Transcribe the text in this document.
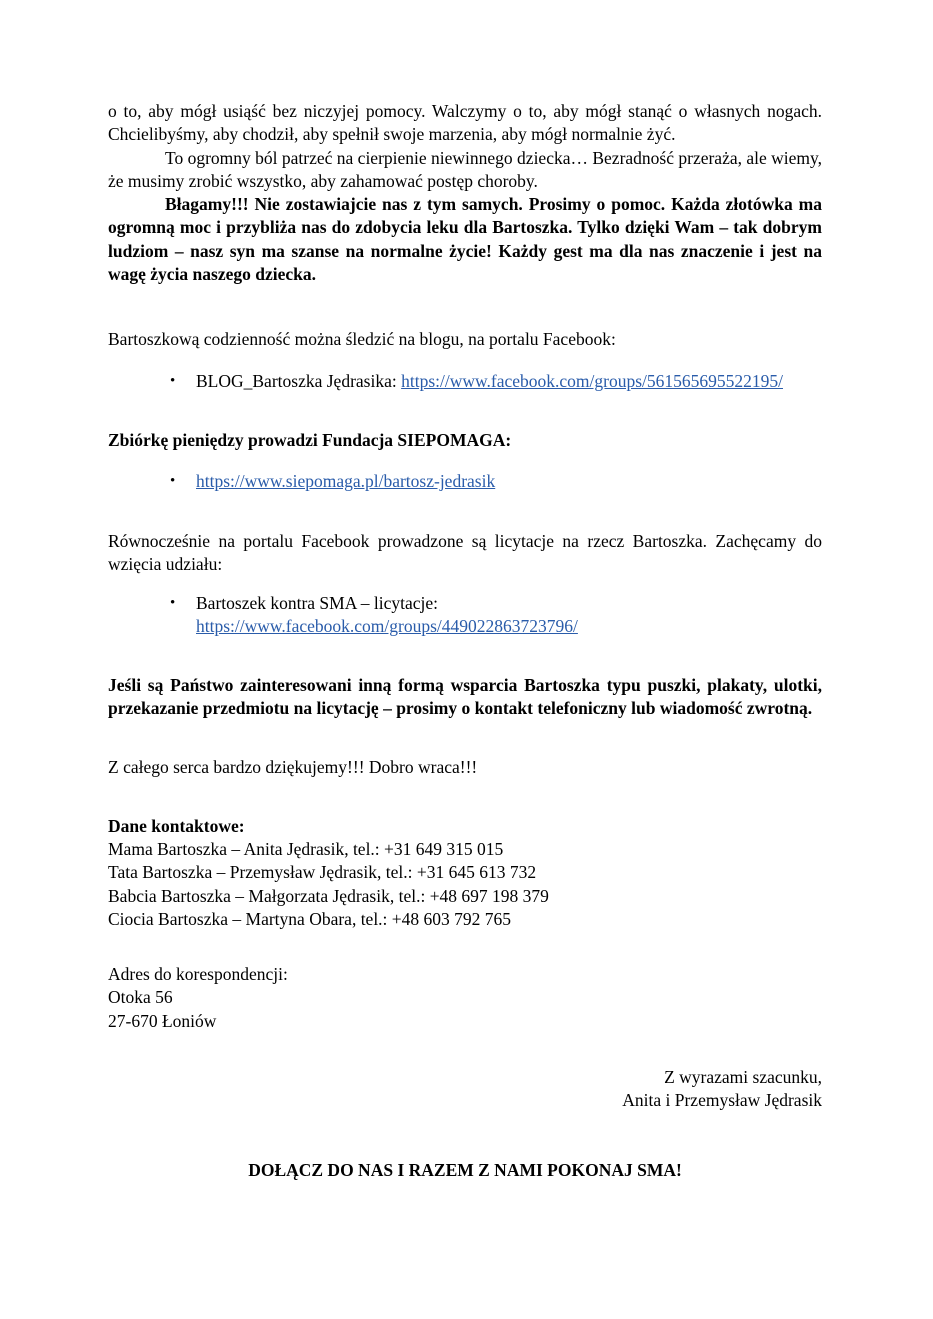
o to, aby mógł usiąść bez niczyjej pomocy. Walczymy o to, aby mógł stanąć o własnych nogach. Chcielibyśmy, aby chodził, aby spełnił swoje marzenia, aby mógł normalnie żyć.

To ogromny ból patrzeć na cierpienie niewinnego dziecka… Bezradność przeraża, ale wiemy, że musimy zrobić wszystko, aby zahamować postęp choroby.

Błagamy!!! Nie zostawiajcie nas z tym samych. Prosimy o pomoc. Każda złotówka ma ogromną moc i przybliża nas do zdobycia leku dla Bartoszka. Tylko dzięki Wam – tak dobrym ludziom – nasz syn ma szanse na normalne życie! Każdy gest ma dla nas znaczenie i jest na wagę życia naszego dziecka.

Bartoszkową codzienność można śledzić na blogu, na portalu Facebook:

•	BLOG_Bartoszka Jędrasika: https://www.facebook.com/groups/561565695522195/

Zbiórkę pieniędzy prowadzi Fundacja SIEPOMAGA:

•	https://www.siepomaga.pl/bartosz-jedrasik

Równocześnie na portalu Facebook prowadzone są licytacje na rzecz Bartoszka. Zachęcamy do wzięcia udziału:

•	Bartoszek kontra SMA – licytacje: https://www.facebook.com/groups/449022863723796/

Jeśli są Państwo zainteresowani inną formą wsparcia Bartoszka typu puszki, plakaty, ulotki, przekazanie przedmiotu na licytację – prosimy o kontakt telefoniczny lub wiadomość zwrotną.

Z całego serca bardzo dziękujemy!!! Dobro wraca!!!

Dane kontaktowe:

Mama Bartoszka – Anita Jędrasik, tel.: +31 649 315 015

Tata Bartoszka – Przemysław Jędrasik, tel.: +31 645 613 732

Babcia Bartoszka – Małgorzata Jędrasik, tel.: +48 697 198 379

Ciocia Bartoszka – Martyna Obara, tel.: +48 603 792 765

Adres do korespondencji:

Otoka 56

27-670 Łoniów

Z wyrazami szacunku,

Anita i Przemysław Jędrasik

DOŁĄCZ DO NAS I RAZEM Z NAMI POKONAJ SMA!
